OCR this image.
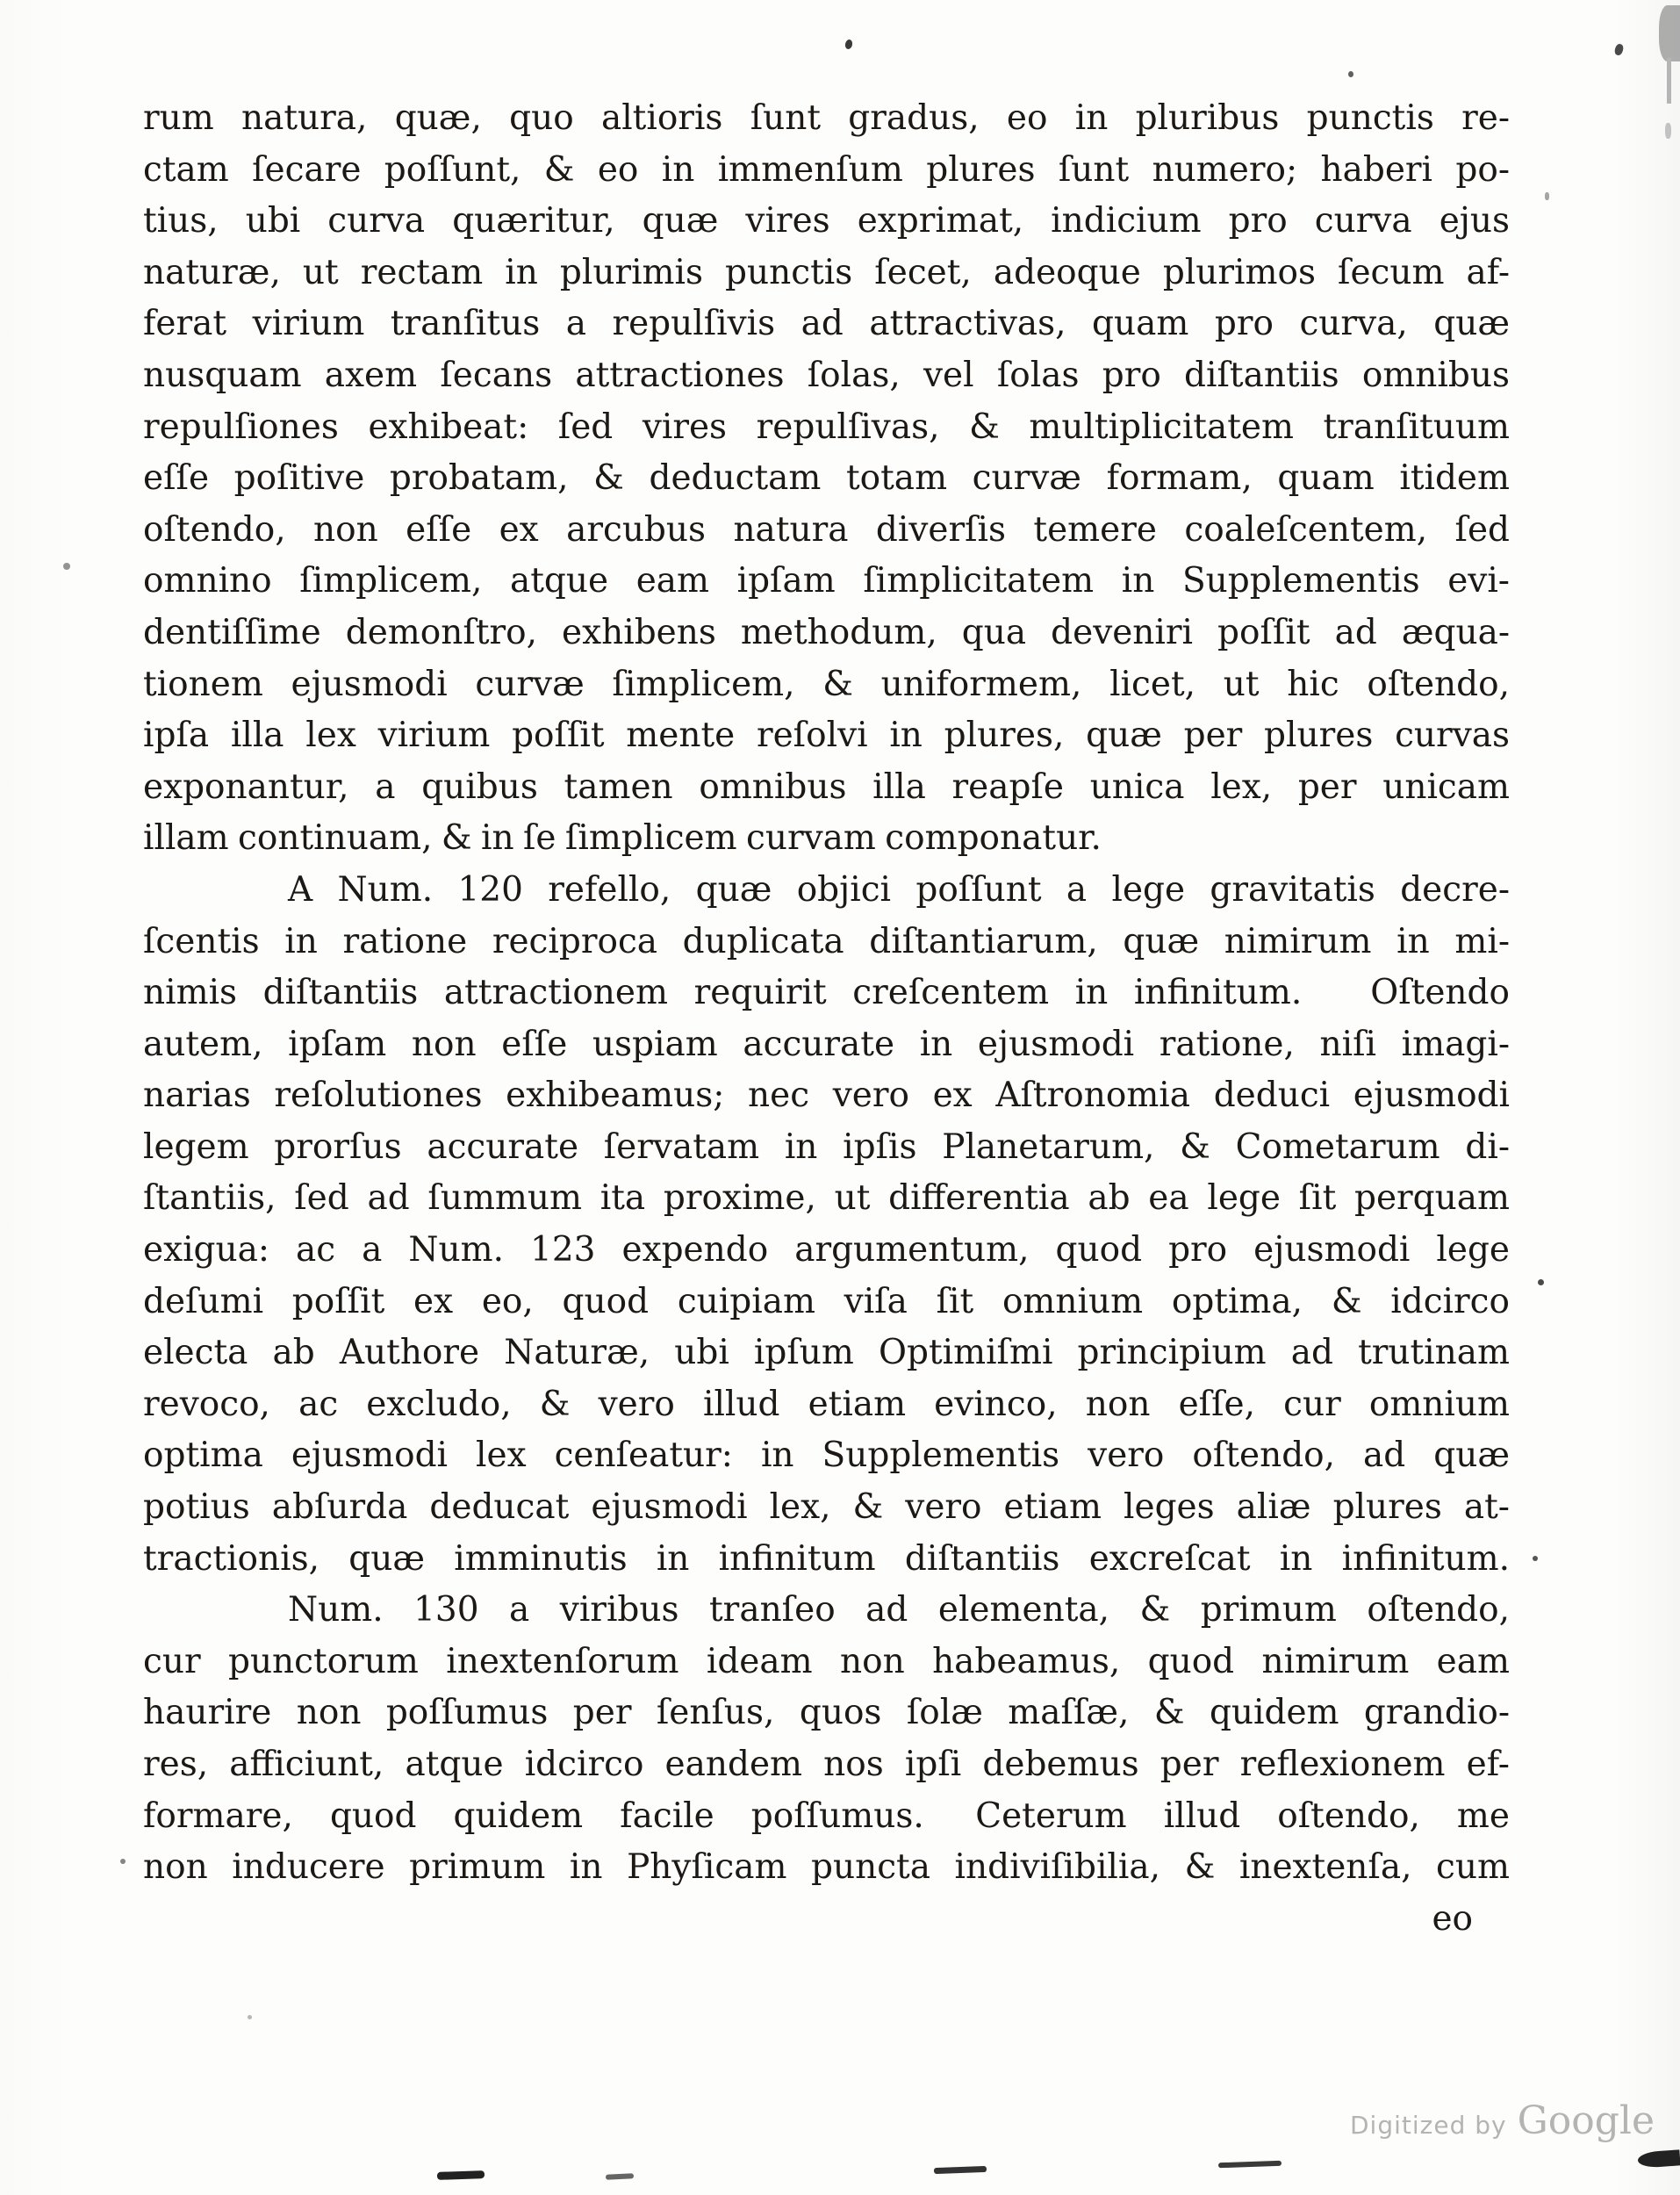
rum natura, quæ, quo altioris ſunt gradus, eo in pluribus punctis re-
ctam ſecare poſſunt, & eo in immenſum plures ſunt numero; haberi po-
tius, ubi curva quæritur, quæ vires exprimat, indicium pro curva ejus
naturæ, ut rectam in plurimis punctis ſecet, adeoque plurimos ſecum af-
ferat virium tranſitus a repulſivis ad attractivas, quam pro curva, quæ
nusquam axem ſecans attractiones ſolas, vel ſolas pro diſtantiis omnibus
repulſiones exhibeat: ſed vires repulſivas, & multiplicitatem tranſituum
eſſe poſitive probatam, & deductam totam curvæ formam, quam itidem
oſtendo, non eſſe ex arcubus natura diverſis temere coaleſcentem, ſed
omnino ſimplicem, atque eam ipſam ſimplicitatem in Supplementis evi-
dentiſſime demonſtro, exhibens methodum, qua deveniri poſſit ad æqua-
tionem ejusmodi curvæ ſimplicem, & uniformem, licet, ut hic oſtendo,
ipſa illa lex virium poſſit mente reſolvi in plures, quæ per plures curvas
exponantur, a quibus tamen omnibus illa reapſe unica lex, per unicam
illam continuam, & in ſe ſimplicem curvam componatur.
A Num. 120 refello, quæ objici poſſunt a lege gravitatis decre-
ſcentis in ratione reciproca duplicata diſtantiarum, quæ nimirum in mi-
nimis diſtantiis attractionem requirit creſcentem in infinitum.  Oſtendo
autem, ipſam non eſſe uspiam accurate in ejusmodi ratione, niſi imagi-
narias reſolutiones exhibeamus; nec vero ex Aſtronomia deduci ejusmodi
legem prorſus accurate ſervatam in ipſis Planetarum, & Cometarum di-
ſtantiis, ſed ad ſummum ita proxime, ut differentia ab ea lege ſit perquam
exigua: ac a Num. 123 expendo argumentum, quod pro ejusmodi lege
deſumi poſſit ex eo, quod cuipiam viſa ſit omnium optima, & idcirco
electa ab Authore Naturæ, ubi ipſum Optimiſmi principium ad trutinam
revoco, ac excludo, & vero illud etiam evinco, non eſſe, cur omnium
optima ejusmodi lex cenſeatur: in Supplementis vero oſtendo, ad quæ
potius abſurda deducat ejusmodi lex, & vero etiam leges aliæ plures at-
tractionis, quæ imminutis in infinitum diſtantiis excreſcat in infinitum.
Num. 130 a viribus tranſeo ad elementa, & primum oſtendo,
cur punctorum inextenſorum ideam non habeamus, quod nimirum eam
haurire non poſſumus per ſenſus, quos ſolæ maſſæ, & quidem grandio-
res, afficiunt, atque idcirco eandem nos ipſi debemus per reflexionem ef-
formare, quod quidem facile poſſumus.  Ceterum illud oſtendo, me
non inducere primum in Phyſicam puncta indiviſibilia, & inextenſa, cum
eo
Digitized by Google
